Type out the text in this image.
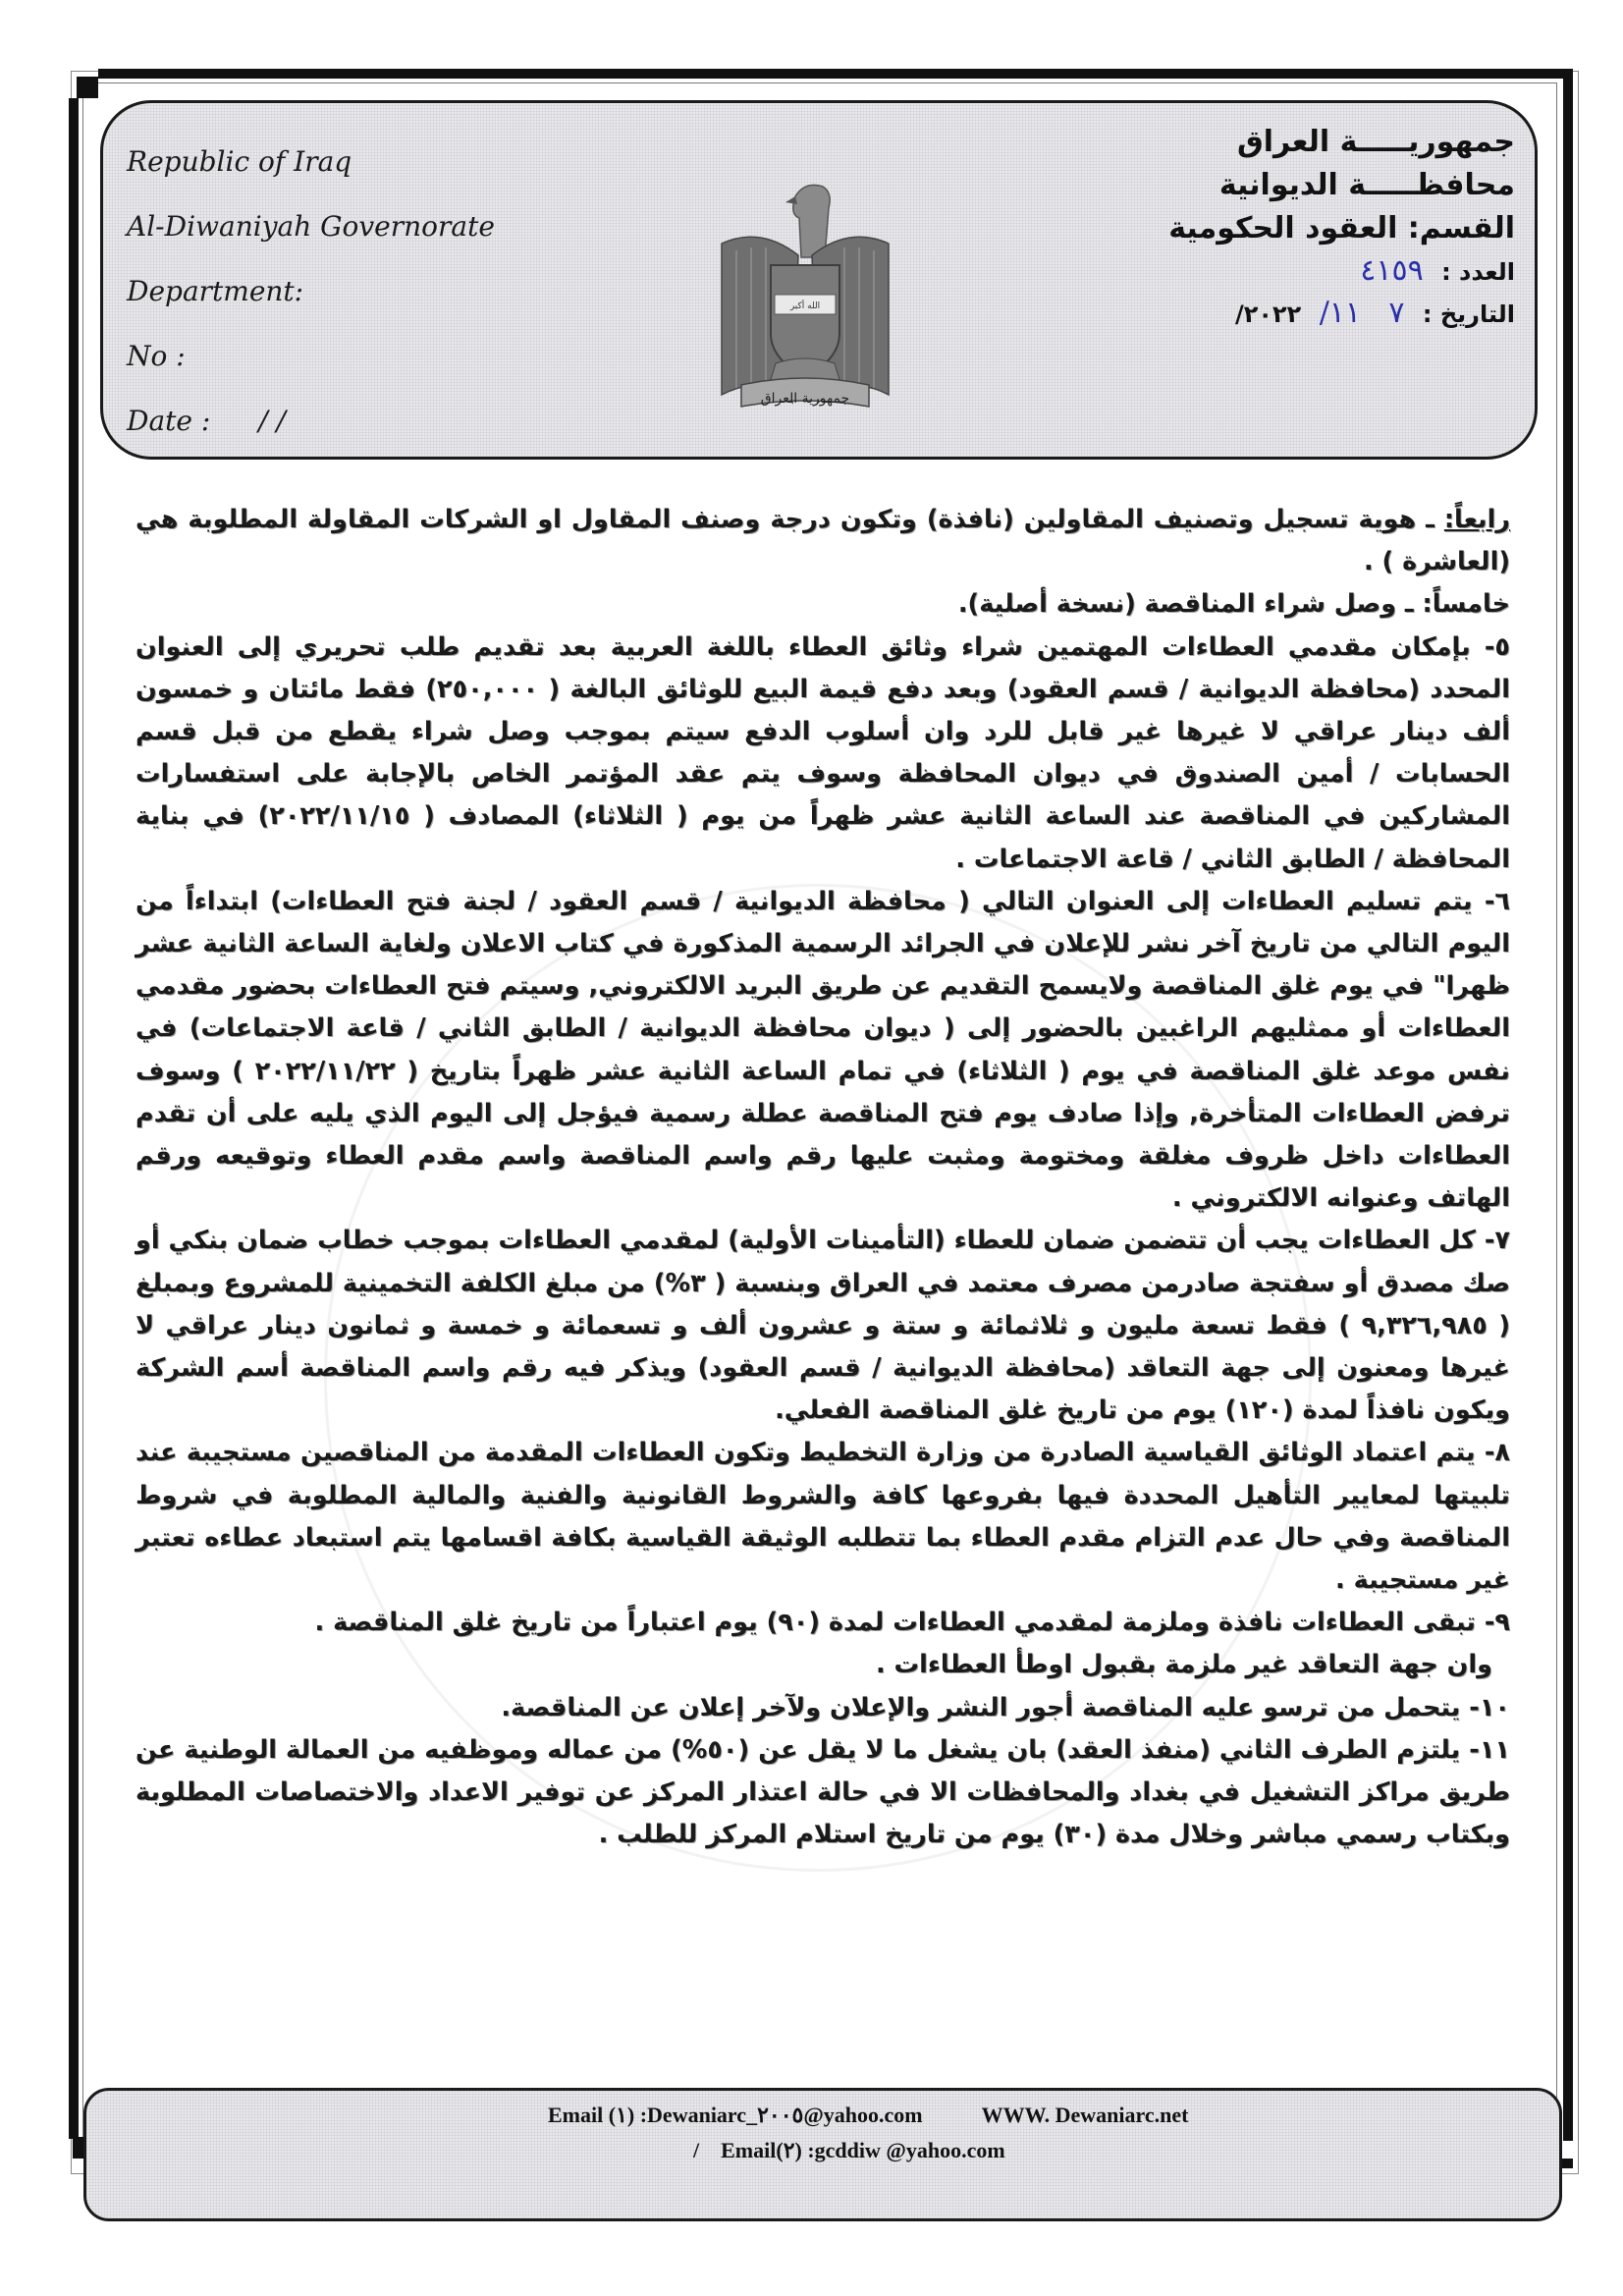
Republic of Iraq
Al-Diwaniyah Governorate
Department:
No :
Date : / /
الله أكبر
جمهورية العراق
جمهوريـــــة العراق
محافظـــــة الديوانية
القسم: العقود الحكومية
العدد : ٤١٥٩
التاريخ : ٧ ١١/ ٢٠٢٢/

رابعاً: ـ هوية تسجيل وتصنيف المقاولين (نافذة) وتكون درجة وصنف المقاول او الشركات المقاولة المطلوبة هي (العاشرة ) .

خامساً: ـ وصل شراء المناقصة (نسخة أصلية).

٥- بإمكان مقدمي العطاءات المهتمين شراء وثائق العطاء باللغة العربية بعد تقديم طلب تحريري إلى العنوان المحدد (محافظة الديوانية / قسم العقود) وبعد دفع قيمة البيع للوثائق البالغة ( ٢٥٠,٠٠٠) فقط مائتان و خمسون ألف دينار عراقي لا غيرها غير قابل للرد وان أسلوب الدفع سيتم بموجب وصل شراء يقطع من قبل قسم الحسابات / أمين الصندوق في ديوان المحافظة وسوف يتم عقد المؤتمر الخاص بالإجابة على استفسارات المشاركين في المناقصة عند الساعة الثانية عشر ظهراً من يوم ( الثلاثاء) المصادف ( ٢٠٢٢/١١/١٥) في بناية المحافظة / الطابق الثاني / قاعة الاجتماعات .

٦- يتم تسليم العطاءات إلى العنوان التالي ( محافظة الديوانية / قسم العقود / لجنة فتح العطاءات) ابتداءاً من اليوم التالي من تاريخ آخر نشر للإعلان في الجرائد الرسمية المذكورة في كتاب الاعلان ولغاية الساعة الثانية عشر ظهرا" في يوم غلق المناقصة ولايسمح التقديم عن طريق البريد الالكتروني, وسيتم فتح العطاءات بحضور مقدمي العطاءات أو ممثليهم الراغبين بالحضور إلى ( ديوان محافظة الديوانية / الطابق الثاني / قاعة الاجتماعات) في نفس موعد غلق المناقصة في يوم ( الثلاثاء) في تمام الساعة الثانية عشر ظهراً بتاريخ ( ٢٠٢٢/١١/٢٢ ) وسوف ترفض العطاءات المتأخرة, وإذا صادف يوم فتح المناقصة عطلة رسمية فيؤجل إلى اليوم الذي يليه على أن تقدم العطاءات داخل ظروف مغلقة ومختومة ومثبت عليها رقم واسم المناقصة واسم مقدم العطاء وتوقيعه ورقم الهاتف وعنوانه الالكتروني .

٧- كل العطاءات يجب أن تتضمن ضمان للعطاء (التأمينات الأولية) لمقدمي العطاءات بموجب خطاب ضمان بنكي أو صك مصدق أو سفتجة صادرمن مصرف معتمد في العراق وبنسبة ( ٣%) من مبلغ الكلفة التخمينية للمشروع وبمبلغ ( ٩,٣٢٦,٩٨٥ ) فقط تسعة مليون و ثلاثمائة و ستة و عشرون ألف و تسعمائة و خمسة و ثمانون دينار عراقي لا غيرها ومعنون إلى جهة التعاقد (محافظة الديوانية / قسم العقود) ويذكر فيه رقم واسم المناقصة أسم الشركة ويكون نافذاً لمدة (١٢٠) يوم من تاريخ غلق المناقصة الفعلي.

٨- يتم اعتماد الوثائق القياسية الصادرة من وزارة التخطيط وتكون العطاءات المقدمة من المناقصين مستجيبة عند تلبيتها لمعايير التأهيل المحددة فيها بفروعها كافة والشروط القانونية والفنية والمالية المطلوبة في شروط المناقصة وفي حال عدم التزام مقدم العطاء بما تتطلبه الوثيقة القياسية بكافة اقسامها يتم استبعاد عطاءه تعتبر غير مستجيبة .

٩- تبقى العطاءات نافذة وملزمة لمقدمي العطاءات لمدة (٩٠) يوم اعتباراً من تاريخ غلق المناقصة .

وان جهة التعاقد غير ملزمة بقبول اوطأ العطاءات .

١٠- يتحمل من ترسو عليه المناقصة أجور النشر والإعلان ولآخر إعلان عن المناقصة.

١١- يلتزم الطرف الثاني (منفذ العقد) بان يشغل ما لا يقل عن (٥٠%) من عماله وموظفيه من العمالة الوطنية عن طريق مراكز التشغيل في بغداد والمحافظات الا في حالة اعتذار المركز عن توفير الاعداد والاختصاصات المطلوبة وبكتاب رسمي مباشر وخلال مدة (٣٠) يوم من تاريخ استلام المركز للطلب .

Email (١) :Dewaniarc_٢٠٠٥@yahoo.com	WWW. Dewaniarc.net
/ Email(٢) :gcddiw @yahoo.com
